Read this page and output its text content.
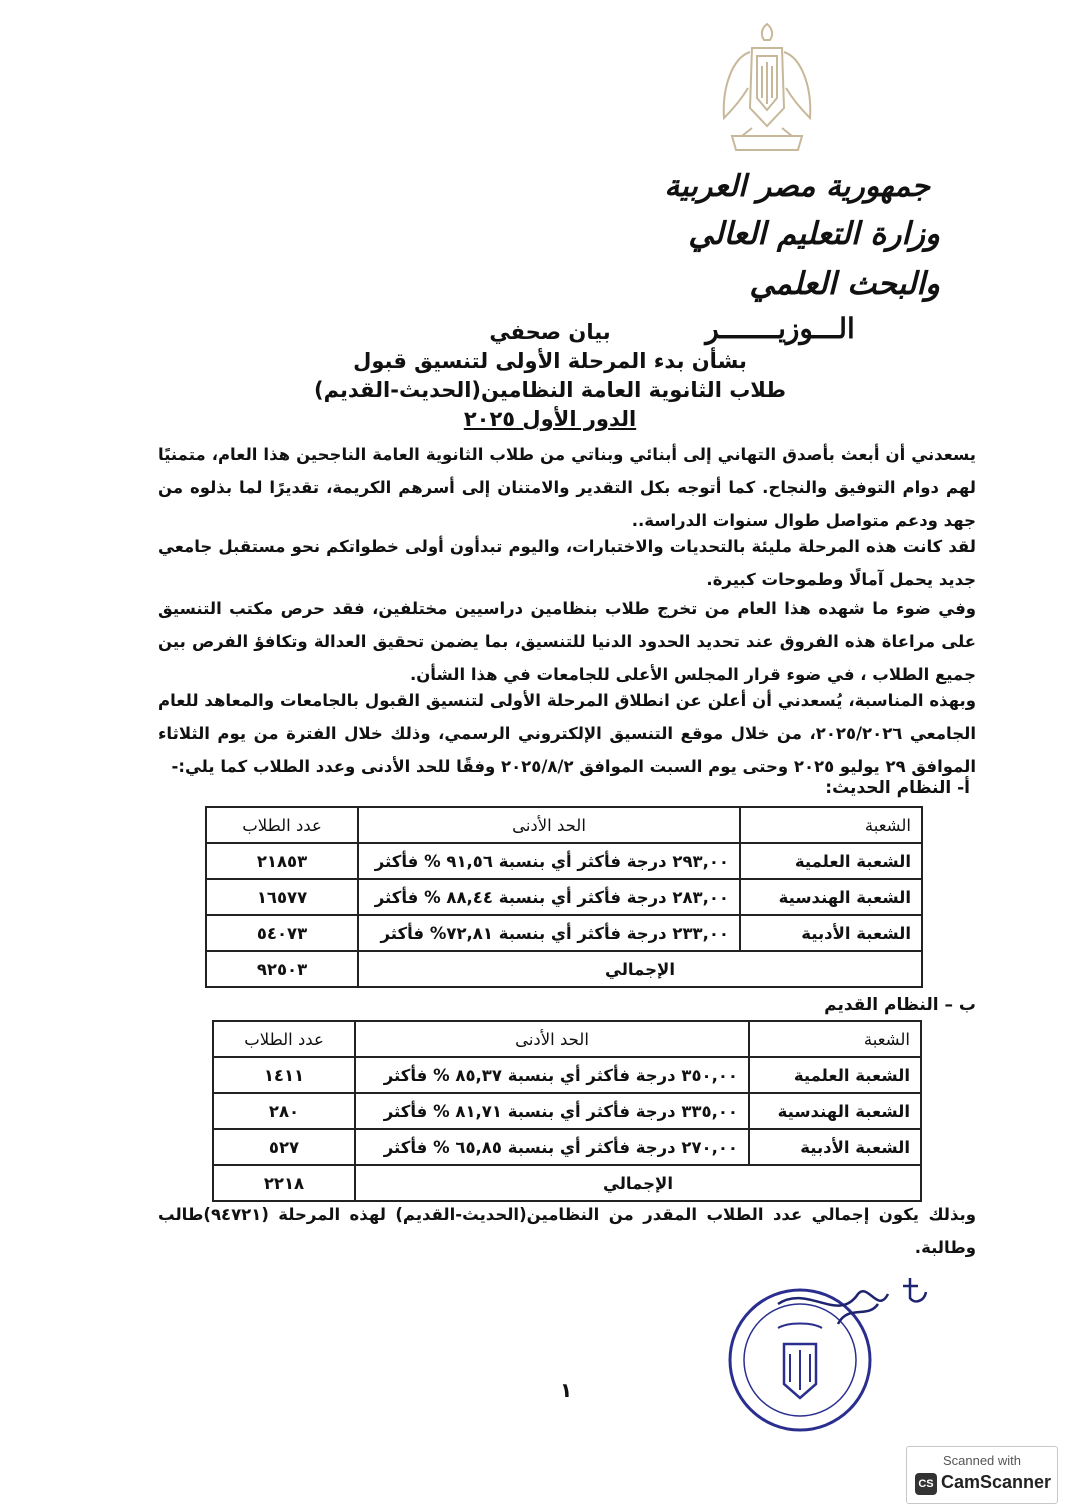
جمهورية مصر العربية
وزارة التعليم العالي والبحث العلمي
الـــوزيـــــــر
بيان صحفي
بشأن بدء المرحلة الأولى لتنسيق قبول
طلاب الثانوية العامة النظامين(الحديث-القديم)
الدور الأول ٢٠٢٥
يسعدني أن أبعث بأصدق التهاني إلى أبنائي وبناتي من طلاب الثانوية العامة الناجحين هذا العام، متمنيًا لهم دوام التوفيق والنجاح. كما أتوجه بكل التقدير والامتنان إلى أسرهم الكريمة، تقديرًا لما بذلوه من جهد ودعم متواصل طوال سنوات الدراسة..
لقد كانت هذه المرحلة مليئة بالتحديات والاختبارات، واليوم تبدأون أولى خطواتكم نحو مستقبل جامعي جديد يحمل آمالًا وطموحات كبيرة.
وفي ضوء ما شهده هذا العام من تخرج طلاب بنظامين دراسيين مختلفين، فقد حرص مكتب التنسيق على مراعاة هذه الفروق عند تحديد الحدود الدنيا للتنسيق، بما يضمن تحقيق العدالة وتكافؤ الفرص بين جميع الطلاب ، في ضوء قرار المجلس الأعلى للجامعات في هذا الشأن.
وبهذه المناسبة، يُسعدني أن أعلن عن انطلاق المرحلة الأولى لتنسيق القبول بالجامعات والمعاهد للعام الجامعي ٢٠٢٥/٢٠٢٦، من خلال موقع التنسيق الإلكتروني الرسمي، وذلك خلال الفترة من يوم الثلاثاء الموافق ٢٩ يوليو ٢٠٢٥ وحتى يوم السبت الموافق ٢٠٢٥/٨/٢ وفقًا للحد الأدنى وعدد الطلاب كما يلي:-
أ- النظام الحديث:
الشعبة	الحد الأدنى	عدد الطلاب
الشعبة العلمية	٢٩٣,٠٠ درجة فأكثر أي بنسبة ٩١,٥٦ % فأكثر	٢١٨٥٣
الشعبة الهندسية	٢٨٣,٠٠ درجة فأكثر أي بنسبة ٨٨,٤٤ % فأكثر	١٦٥٧٧
الشعبة الأدبية	٢٣٣,٠٠ درجة فأكثر أي بنسبة ٧٢,٨١% فأكثر	٥٤٠٧٣
الإجمالي		٩٢٥٠٣
ب – النظام القديم
الشعبة	الحد الأدنى	عدد الطلاب
الشعبة العلمية	٣٥٠,٠٠ درجة فأكثر أي بنسبة ٨٥,٣٧ % فأكثر	١٤١١
الشعبة الهندسية	٣٣٥,٠٠ درجة فأكثر أي بنسبة ٨١,٧١ % فأكثر	٢٨٠
الشعبة الأدبية	٢٧٠,٠٠ درجة فأكثر أي بنسبة ٦٥,٨٥ % فأكثر	٥٢٧
الإجمالي		٢٢١٨
وبذلك يكون إجمالي عدد الطلاب المقدر من النظامين(الحديث-القديم) لهذه المرحلة (٩٤٧٢١)طالب وطالبة.
١
Scanned with
CS CamScanner
